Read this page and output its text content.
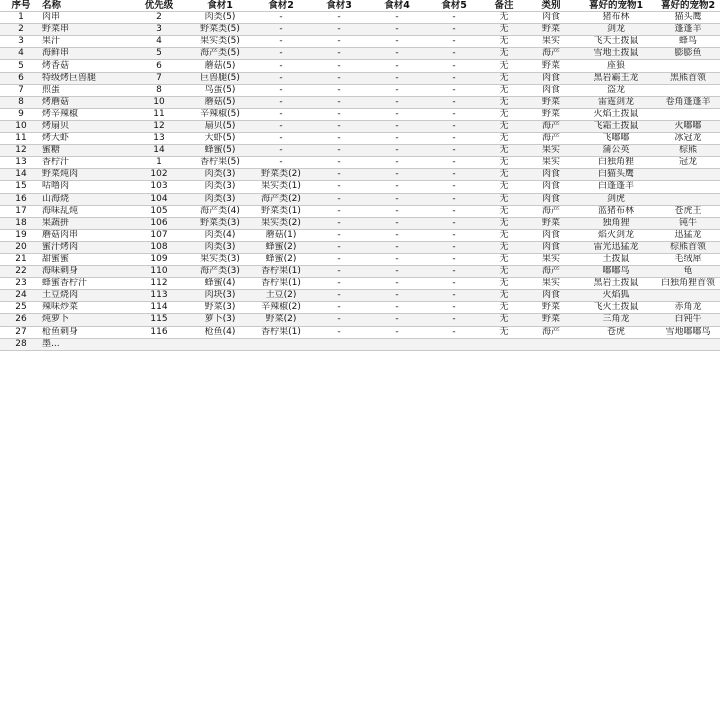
序号	名称	优先级	食材1	食材2	食材3	食材4	食材5	备注	类别	喜好的宠物1	喜好的宠物2
1	肉串	2	肉类(5)	-	-	-	-	无	肉食	猪布林	猫头鹰
2	野菜串	3	野菜类(5)	-	-	-	-	无	野菜	剑龙	蓬蓬羊
3	果汁	4	果实类(5)	-	-	-	-	无	果实	飞天土拨鼠	蜂鸟
4	海鲜串	5	海产类(5)	-	-	-	-	无	海产	雪地土拨鼠	膨膨鱼
5	烤香菇	6	蘑菇(5)	-	-	-	-	无	野菜	座狼	
6	特级烤巨兽腿	7	巨兽腿(5)	-	-	-	-	无	肉食	黑岩霸王龙	黑熊首领
7	煎蛋	8	鸟蛋(5)	-	-	-	-	无	肉食	盗龙	
8	烤蘑菇	10	蘑菇(5)	-	-	-	-	无	野菜	雷霆剑龙	卷角蓬蓬羊
9	烤辛辣椒	11	辛辣椒(5)	-	-	-	-	无	野菜	火焰土拨鼠	
10	烤扇贝	12	扇贝(5)	-	-	-	-	无	海产	飞霜土拨鼠	火嘟嘟
11	烤大虾	13	大虾(5)	-	-	-	-	无	海产	飞嘟嘟	冰冠龙
12	蜜糖	14	蜂蜜(5)	-	-	-	-	无	果实	蒲公英	棕熊
13	香柠汁	1	香柠果(5)	-	-	-	-	无	果实	白独角狸	冠龙
14	野菜炖肉	102	肉类(3)	野菜类(2)	-	-	-	无	肉食	白猫头鹰	
15	咕噜肉	103	肉类(3)	果实类(1)	-	-	-	无	肉食	白蓬蓬羊	
16	山海烧	104	肉类(3)	海产类(2)	-	-	-	无	肉食	剑虎	
17	海味乱炖	105	海产类(4)	野菜类(1)	-	-	-	无	海产	蓝猪布林	苍虎王
18	果蔬拼	106	野菜类(3)	果实类(2)	-	-	-	无	野菜	独角狸	钝牛
19	蘑菇肉串	107	肉类(4)	蘑菇(1)	-	-	-	无	肉食	焰火剑龙	迅猛龙
20	蜜汁烤肉	108	肉类(3)	蜂蜜(2)	-	-	-	无	肉食	雷光迅猛龙	棕熊首领
21	甜蜜蜜	109	果实类(3)	蜂蜜(2)	-	-	-	无	果实	土拨鼠	毛绒犀
22	海味刺身	110	海产类(3)	香柠果(1)	-	-	-	无	海产	嘟嘟鸟	龟
23	蜂蜜香柠汁	112	蜂蜜(4)	香柠果(1)	-	-	-	无	果实	黑岩土拨鼠	白独角狸首领
24	土豆烧肉	113	肉块(3)	土豆(2)	-	-	-	无	肉食	火焰狐	
25	辣味炒菜	114	野菜(3)	辛辣椒(2)	-	-	-	无	野菜	飞火土拨鼠	赤角龙
26	炖萝卜	115	萝卜(3)	野菜(2)	-	-	-	无	野菜	三角龙	白钝牛
27	枪鱼刺身	116	枪鱼(4)	香柠果(1)	-	-	-	无	海产	苍虎	雪地嘟嘟鸟
28	墨...										
